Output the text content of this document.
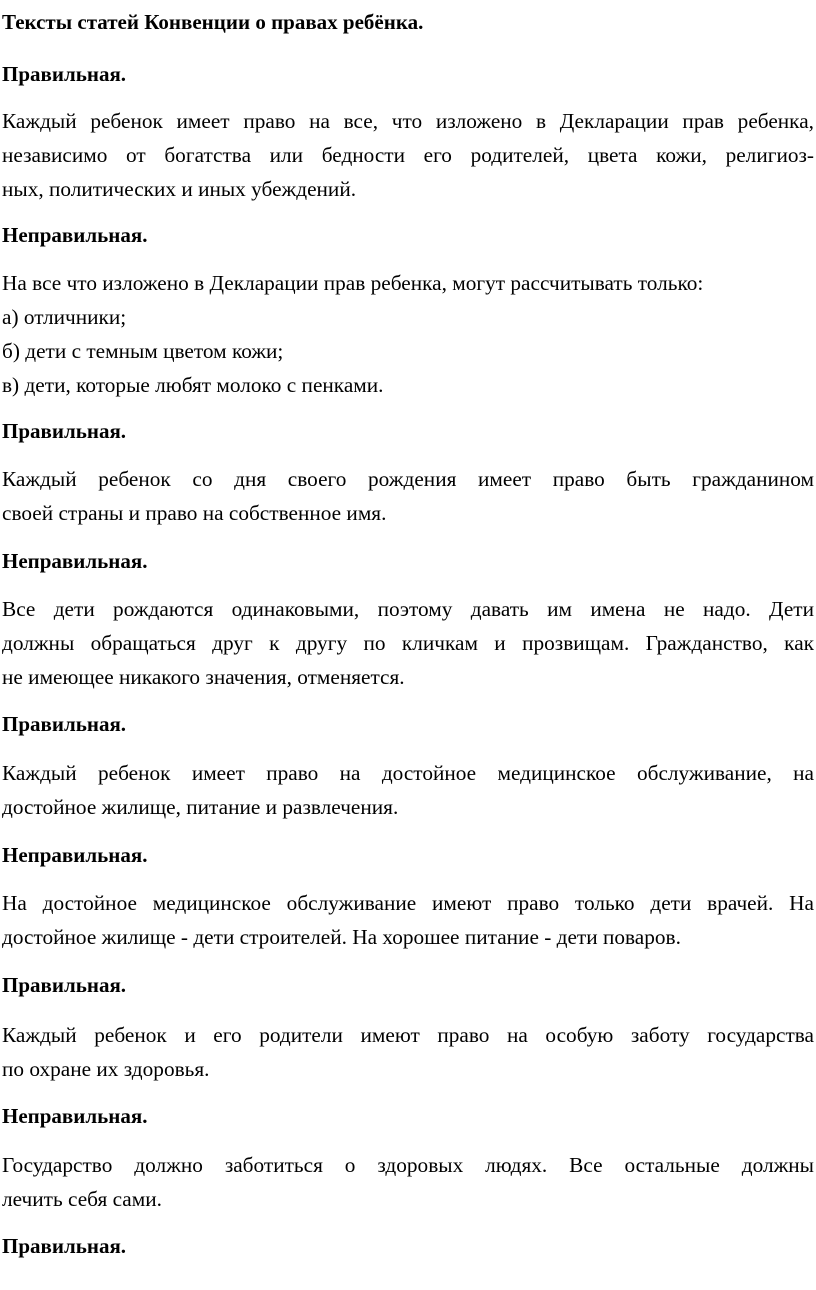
Тексты статей Конвенции о правах ребёнка.
Правильная.
Каждый ребенок имеет право на все, что изложено в Декларации прав ребенка,
независимо от богатства или бедности его родителей, цвета кожи, религиоз-
ных, политических и иных убеждений.
Неправильная.
На все что изложено в Декларации прав ребенка, могут рассчитывать только:
а) отличники;
б) дети с темным цветом кожи;
в) дети, которые любят молоко с пенками.
Правильная.
Каждый ребенок со дня своего рождения имеет право быть гражданином
своей страны и право на собственное имя.
Неправильная.
Все дети рождаются одинаковыми, поэтому давать им имена не надо. Дети
должны обращаться друг к другу по кличкам и прозвищам. Гражданство, как
не имеющее никакого значения, отменяется.
Правильная.
Каждый ребенок имеет право на достойное медицинское обслуживание, на
достойное жилище, питание и развлечения.
Неправильная.
На достойное медицинское обслуживание имеют право только дети врачей. На
достойное жилище - дети строителей. На хорошее питание - дети поваров.
Правильная.
Каждый ребенок и его родители имеют право на особую заботу государства
по охране их здоровья.
Неправильная.
Государство должно заботиться о здоровых людях. Все остальные должны
лечить себя сами.
Правильная.
